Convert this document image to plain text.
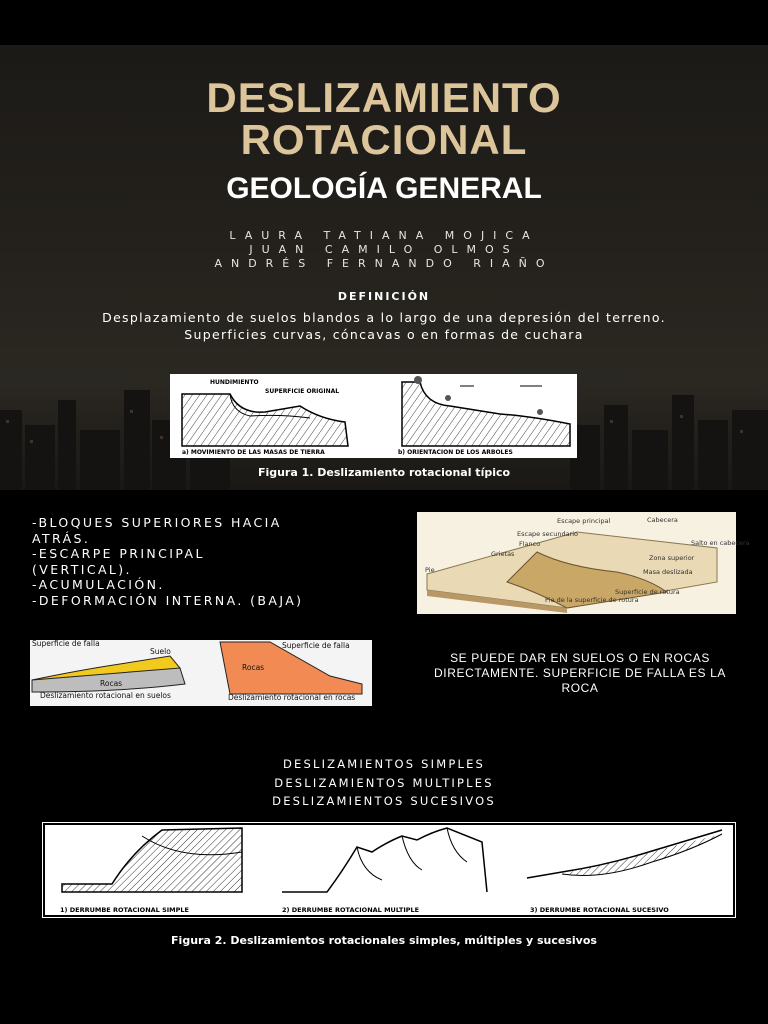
DESLIZAMIENTO
ROTACIONAL
GEOLOGÍA GENERAL
LAURA TATIANA MOJICA
JUAN CAMILO OLMOS
ANDRÉS FERNANDO RIAÑO
DEFINICIÓN
Desplazamiento de suelos blandos a lo largo de una depresión del terreno. Superficies curvas, cóncavas o en formas de cuchara
HUNDIMIENTO
SUPERFICIE ORIGINAL
a) MOVIMIENTO DE LAS MASAS DE TIERRA	b) ORIENTACION DE LOS ARBOLES
Figura 1. Deslizamiento rotacional típico
-BLOQUES SUPERIORES HACIA
ATRÁS.
-ESCARPE PRINCIPAL
(VERTICAL).
-ACUMULACIÓN.
-DEFORMACIÓN INTERNA. (BAJA)
Escape principal	Cabecera
Escape secundario
Flanco	Salto en cabecera
Grietas	Zona superior
Pie	Masa deslizada
Pie de la superficie de rotura
Superficie de rotura
Superficie de falla
Suelo
Rocas
Deslizamiento rotacional en suelos
Superficie de falla
Rocas
Deslizamiento rotacional en rocas
SE PUEDE DAR EN SUELOS O EN ROCAS DIRECTAMENTE. SUPERFICIE DE FALLA ES LA ROCA
DESLIZAMIENTOS SIMPLES
DESLIZAMIENTOS MULTIPLES
DESLIZAMIENTOS SUCESIVOS
1) DERRUMBE ROTACIONAL SIMPLE	2) DERRUMBE ROTACIONAL MULTIPLE	3) DERRUMBE ROTACIONAL SUCESIVO
Figura 2. Deslizamientos rotacionales simples, múltiples y sucesivos
